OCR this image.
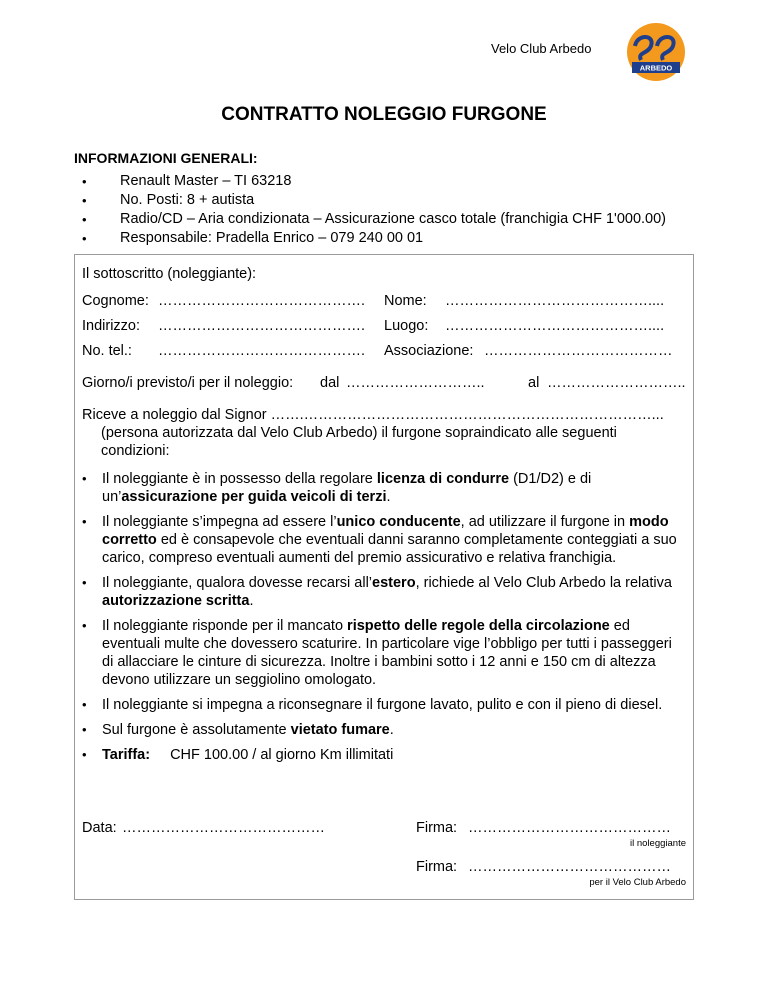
Velo Club Arbedo
ARBEDO
CONTRATTO NOLEGGIO FURGONE
INFORMAZIONI GENERALI:
• Renault Master – TI 63218
• No. Posti: 8 + autista
• Radio/CD – Aria condizionata – Assicurazione casco totale (franchigia CHF 1'000.00)
• Responsabile: Pradella Enrico – 079 240 00 01
Il sottoscritto (noleggiante):
Cognome: ……………………………………. Nome: ……………………………………....
Indirizzo: ……………………………………. Luogo: ……………………………………....
No. tel.: ……………………………………. Associazione: …………………………………
Giorno/i previsto/i per il noleggio: dal ………………………..	al ………………………..
Riceve a noleggio dal Signor …….………………………………………………………………...
(persona autorizzata dal Velo Club Arbedo) il furgone sopraindicato alle seguenti
condizioni:
• Il noleggiante è in possesso della regolare licenza di condurre (D1/D2) e di un’assicurazione per guida veicoli di terzi.
• Il noleggiante s’impegna ad essere l’unico conducente, ad utilizzare il furgone in modo corretto ed è consapevole che eventuali danni saranno completamente conteggiati a suo carico, compreso eventuali aumenti del premio assicurativo e relativa franchigia.
• Il noleggiante, qualora dovesse recarsi all’estero, richiede al Velo Club Arbedo la relativa autorizzazione scritta.
• Il noleggiante risponde per il mancato rispetto delle regole della circolazione ed eventuali multe che dovessero scaturire. In particolare vige l’obbligo per tutti i passeggeri di allacciare le cinture di sicurezza. Inoltre i bambini sotto i 12 anni e 150 cm di altezza devono utilizzare un seggiolino omologato.
• Il noleggiante si impegna a riconsegnare il furgone lavato, pulito e con il pieno di diesel.
• Sul furgone è assolutamente vietato fumare.
• Tariffa: CHF 100.00 / al giorno Km illimitati
Data: ……………………………………	Firma: ……………………………………
il noleggiante
Firma: ……………………………………
per il Velo Club Arbedo
